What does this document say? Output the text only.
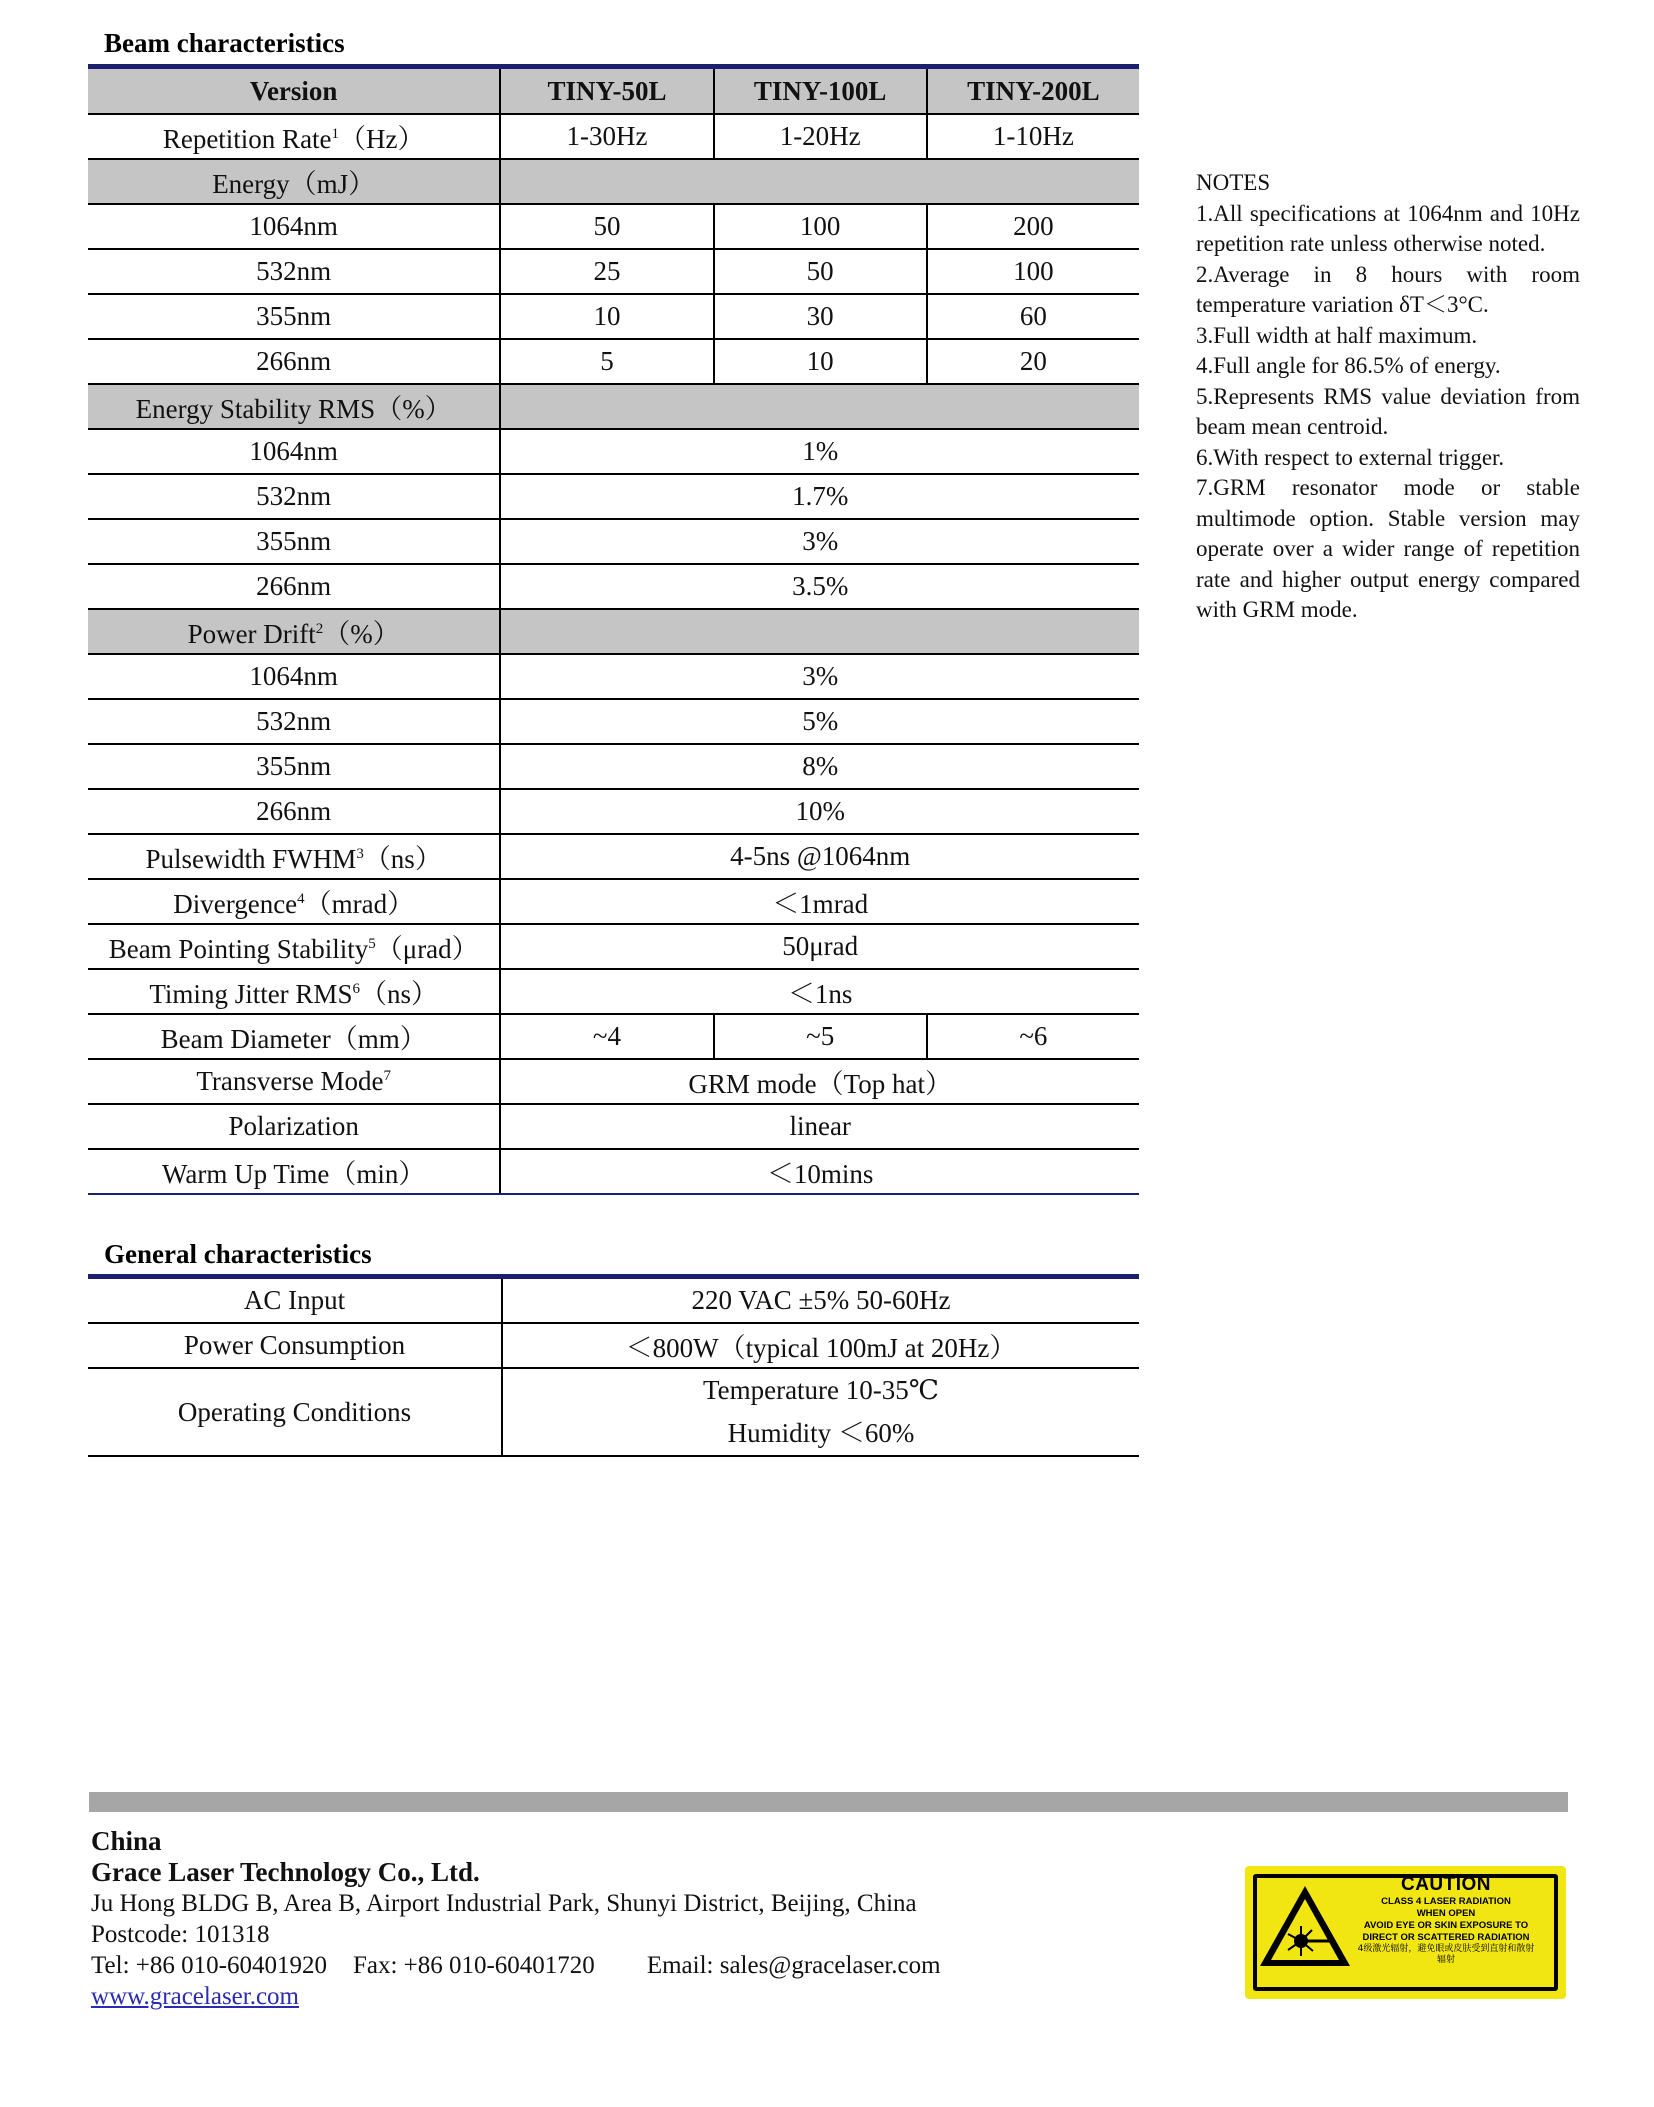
Beam characteristics
Version	TINY-50L	TINY-100L	TINY-200L
Repetition Rate$^1$（Hz）	1-30Hz	1-20Hz	1-10Hz
Energy（mJ）			
1064nm	50	100	200
532nm	25	50	100
355nm	10	30	60
266nm	5	10	20
Energy Stability RMS（%）			
1064nm	1%		
532nm	1.7%		
355nm	3%		
266nm	3.5%		
Power Drift$^2$（%）			
1064nm	3%		
532nm	5%		
355nm	8%		
266nm	10%		
Pulsewidth FWHM$^3$（ns）	4-5ns @1064nm		
Divergence$^4$（mrad）	＜1mrad		
Beam Pointing Stability$^5$（μrad）	50μrad		
Timing Jitter $RMS^6(ns)$	＜1ns		
Beam Diameter（mm）	~4	~5	~6
Transverse Mode$^7$	GRM mode（Top hat）		
Polarization	linear		
Warm Up Time（min）	＜10mins		
General characteristics
AC Input	220 VAC ±5% 50-60Hz
Power Consumption	＜800W（typical 100mJ at 20Hz）
Operating Conditions	Temperature 10-35℃
Humidity ＜60%

NOTES

1.All specifications at 1064nm and 10Hz repetition rate unless otherwise noted.

2.Average in 8 hours with room temperature variation δT＜3°C.

3.Full width at half maximum.

4.Full angle for 86.5% of energy.

5.Represents RMS value deviation from beam mean centroid.

6.With respect to external trigger.

7.GRM resonator mode or stable multimode option. Stable version may operate over a wider range of repetition rate and higher output energy compared with GRM mode.

China
Grace Laser Technology Co., Ltd.
Ju Hong BLDG B, Area B, Airport Industrial Park, Shunyi District, Beijing, China
Postcode: 101318
Tel: +86 010-60401920 Fax: +86 010-60401720 Email: sales@gracelaser.com
www.gracelaser.com
CAUTION
CLASS 4 LASER RADIATION
WHEN OPEN
AVOID EYE OR SKIN EXPOSURE TO
DIRECT OR SCATTERED RADIATION
4级激光辐射，避免眼或皮肤受到直射和散射辐射
